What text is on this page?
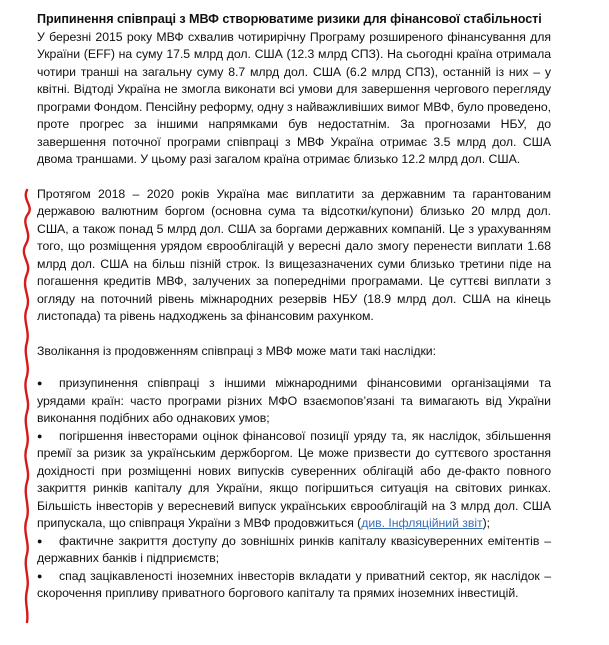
Припинення співпраці з МВФ створюватиме ризики для фінансової стабільності

У березні 2015 року МВФ схвалив чотирирічну Програму розширеного фінансування для України (EFF) на суму 17.5 млрд дол. США (12.3 млрд СПЗ). На сьогодні країна отримала чотири транші на загальну суму 8.7 млрд дол. США (6.2 млрд СПЗ), останній із них – у квітні. Відтоді Україна не змогла виконати всі умови для завершення чергового перегляду програми Фондом. Пенсійну реформу, одну з найважливіших вимог МВФ, було проведено, проте прогрес за іншими напрямками був недостатнім. За прогнозами НБУ, до завершення поточної програми співпраці з МВФ Україна отримає 3.5 млрд дол. США двома траншами. У цьому разі загалом країна отримає близько 12.2 млрд дол. США.

Протягом 2018 – 2020 років Україна має виплатити за державним та гарантованим державою валютним боргом (основна сума та відсотки/купони) близько 20 млрд дол. США, а також понад 5 млрд дол. США за боргами державних компаній. Це з урахуванням того, що розміщення урядом єврооблігацій у вересні дало змогу перенести виплати 1.68 млрд дол. США на більш пізній строк. Із вищезазначених суми близько третини піде на погашення кредитів МВФ, залучених за попередніми програмами. Це суттєві виплати з огляду на поточний рівень міжнародних резервів НБУ (18.9 млрд дол. США на кінець листопада) та рівень надходжень за фінансовим рахунком.

Зволікання із продовженням співпраці з МВФ може мати такі наслідки:

● призупинення співпраці з іншими міжнародними фінансовими організаціями та урядами країн: часто програми різних МФО взаємопов’язані та вимагають від України виконання подібних або однакових умов;
● погіршення інвесторами оцінок фінансової позиції уряду та, як наслідок, збільшення премії за ризик за українським держборгом. Це може призвести до суттєвого зростання дохідності при розміщенні нових випусків суверенних облігацій або де-факто повного закриття ринків капіталу для України, якщо погіршиться ситуація на світових ринках. Більшість інвесторів у вересневий випуск українських єврооблігацій на 3 млрд дол. США припускала, що співпраця України з МВФ продовжиться (див. Інфляційний звіт);
● фактичне закриття доступу до зовнішніх ринків капіталу квазісуверенних емітентів – державних банків і підприємств;
● спад зацікавленості іноземних інвесторів вкладати у приватний сектор, як наслідок – скорочення припливу приватного боргового капіталу та прямих іноземних інвестицій.
